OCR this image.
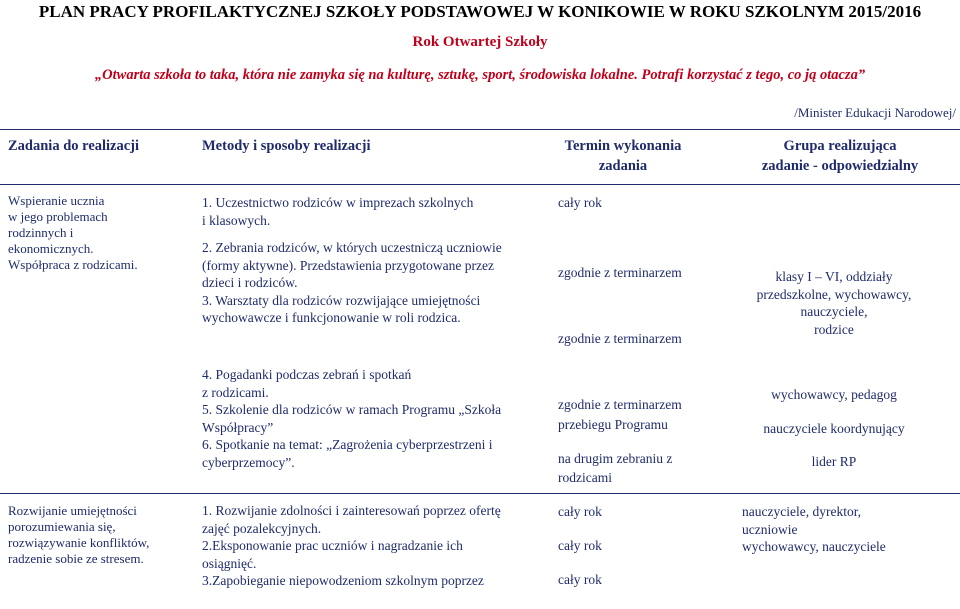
PLAN PRACY PROFILAKTYCZNEJ SZKOŁY PODSTAWOWEJ W KONIKOWIE W ROKU SZKOLNYM 2015/2016
Rok Otwartej Szkoły
„Otwarta szkoła to taka, która nie zamyka się na kulturę, sztukę, sport, środowiska lokalne. Potrafi korzystać z tego, co ją otacza”
/Minister Edukacji Narodowej/
Zadania do realizacji	Metody i sposoby realizacji	Termin wykonania
zadania
Grupa realizująca
zadanie - odpowiedzialny
Wspieranie ucznia
w jego problemach
rodzinnych i
ekonomicznych.
Współpraca z rodzicami.
1. Uczestnictwo rodziców w imprezach szkolnych
i klasowych.
2. Zebrania rodziców, w których uczestniczą uczniowie
(formy aktywne). Przedstawienia przygotowane przez
dzieci i rodziców.
3. Warsztaty dla rodziców rozwijające umiejętności
wychowawcze i funkcjonowanie w roli rodzica.
cały rok
zgodnie z terminarzem
zgodnie z terminarzem
klasy I – VI, oddziały
przedszkolne, wychowawcy,
nauczyciele,
rodzice
4. Pogadanki podczas zebrań i spotkań
z rodzicami.
5. Szkolenie dla rodziców w ramach Programu „Szkoła
Współpracy”
6. Spotkanie na temat: „Zagrożenia cyberprzestrzeni i
cyberprzemocy”.
zgodnie z terminarzem
przebiegu Programu
na drugim zebraniu z
rodzicami
wychowawcy, pedagog
nauczyciele koordynujący
lider RP
Rozwijanie umiejętności
porozumiewania się,
rozwiązywanie konfliktów,
radzenie sobie ze stresem.
1. Rozwijanie zdolności i zainteresowań poprzez ofertę
zajęć pozalekcyjnych.
2.Eksponowanie prac uczniów i nagradzanie ich
osiągnięć.
3.Zapobieganie niepowodzeniom szkolnym poprzez
cały rok
cały rok
cały rok
nauczyciele, dyrektor,
uczniowie
wychowawcy, nauczyciele
